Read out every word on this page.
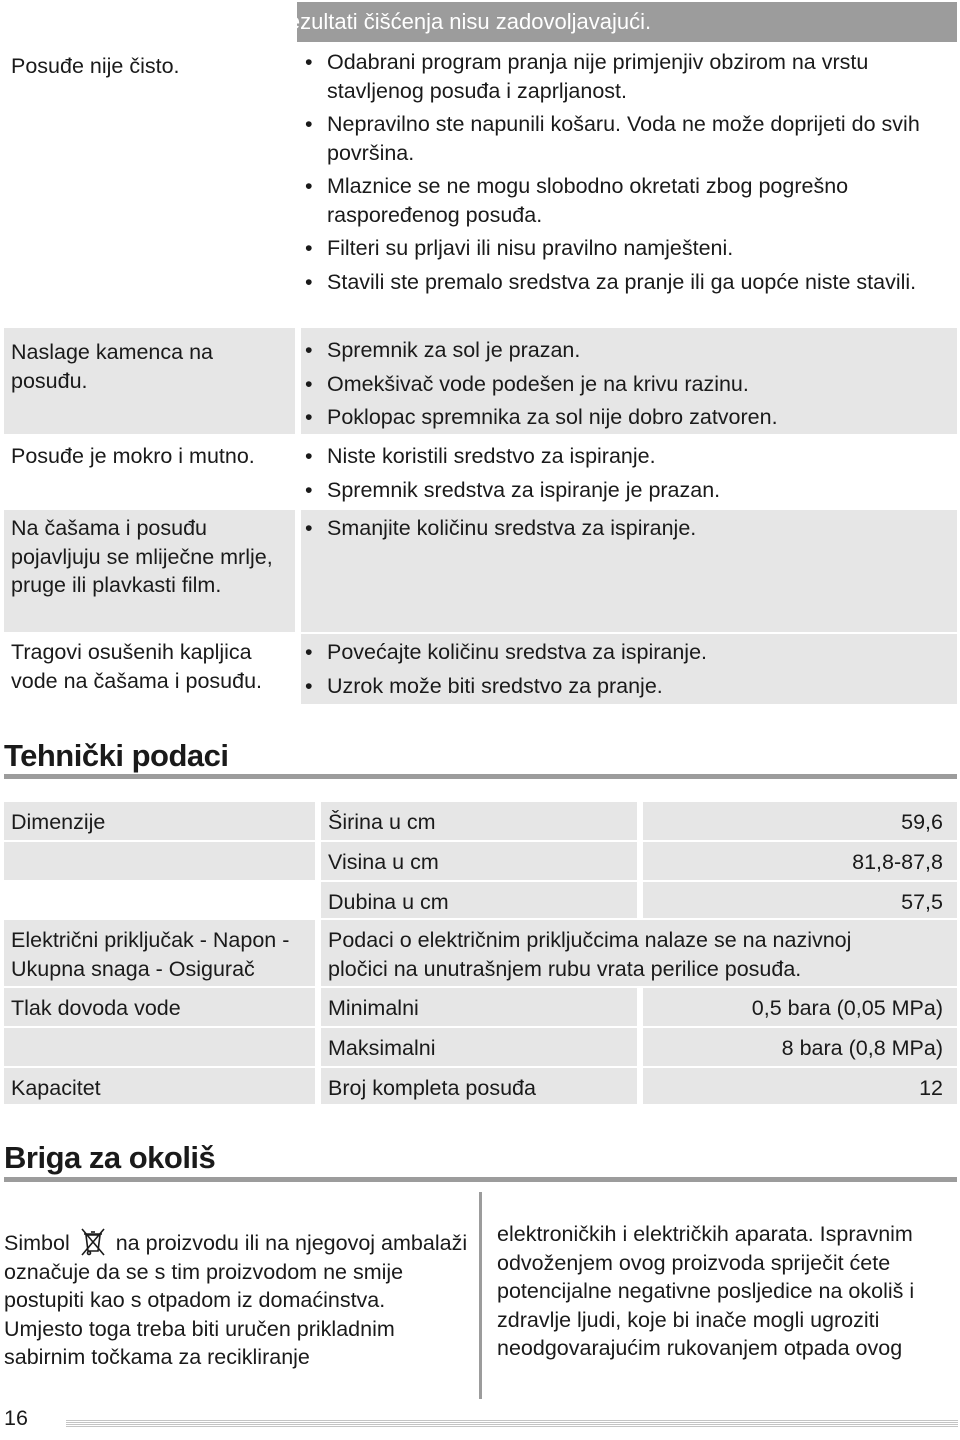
Rezultati čišćenja nisu zadovoljavajući.
Posuđe nije čisto.	• Odabrani program pranja nije primjenjiv obzirom na vrstu stavljenog posuđa i zaprljanost.
• Nepravilno ste napunili košaru. Voda ne može doprijeti do svih površina.
• Mlaznice se ne mogu slobodno okretati zbog pogrešno raspoređenog posuđa.
• Filteri su prljavi ili nisu pravilno namješteni.
• Stavili ste premalo sredstva za pranje ili ga uopće niste stavili.
Naslage kamenca na posuđu.
• Spremnik za sol je prazan.
• Omekšivač vode podešen je na krivu razinu.
• Poklopac spremnika za sol nije dobro zatvoren.
Posuđe je mokro i mutno.	• Niste koristili sredstvo za ispiranje.
• Spremnik sredstva za ispiranje je prazan.
Na čašama i posuđu pojavljuju se mliječne mrlje, pruge ili plavkasti film.
• Smanjite količinu sredstva za ispiranje.
Tragovi osušenih kapljica vode na čašama i posuđu.
• Povećajte količinu sredstva za ispiranje.
• Uzrok može biti sredstvo za pranje.
Tehnički podaci
Dimenzije	Širina u cm	59,6
Visina u cm	81,8-87,8
Dubina u cm	57,5
Električni priključak - Napon - Ukupna snaga - Osigurač
Podaci o električnim priključcima nalaze se na nazivnoj pločici na unutrašnjem rubu vrata perilice posuđa.
Tlak dovoda vode	Minimalni	0,5 bara (0,05 MPa)
Maksimalni	8 bara (0,8 MPa)
Kapacitet	Broj kompleta posuđa	12
Briga za okoliš
Simbol na proizvodu ili na njegovoj ambalaži označuje da se s tim proizvodom ne smije postupiti kao s otpadom iz domaćinstva. Umjesto toga treba biti uručen prikladnim sabirnim točkama za recikliranje
elektroničkih i električkih aparata. Ispravnim odvoženjem ovog proizvoda spriječit ćete potencijalne negativne posljedice na okoliš i zdravlje ljudi, koje bi inače mogli ugroziti neodgovarajućim rukovanjem otpada ovog
16
